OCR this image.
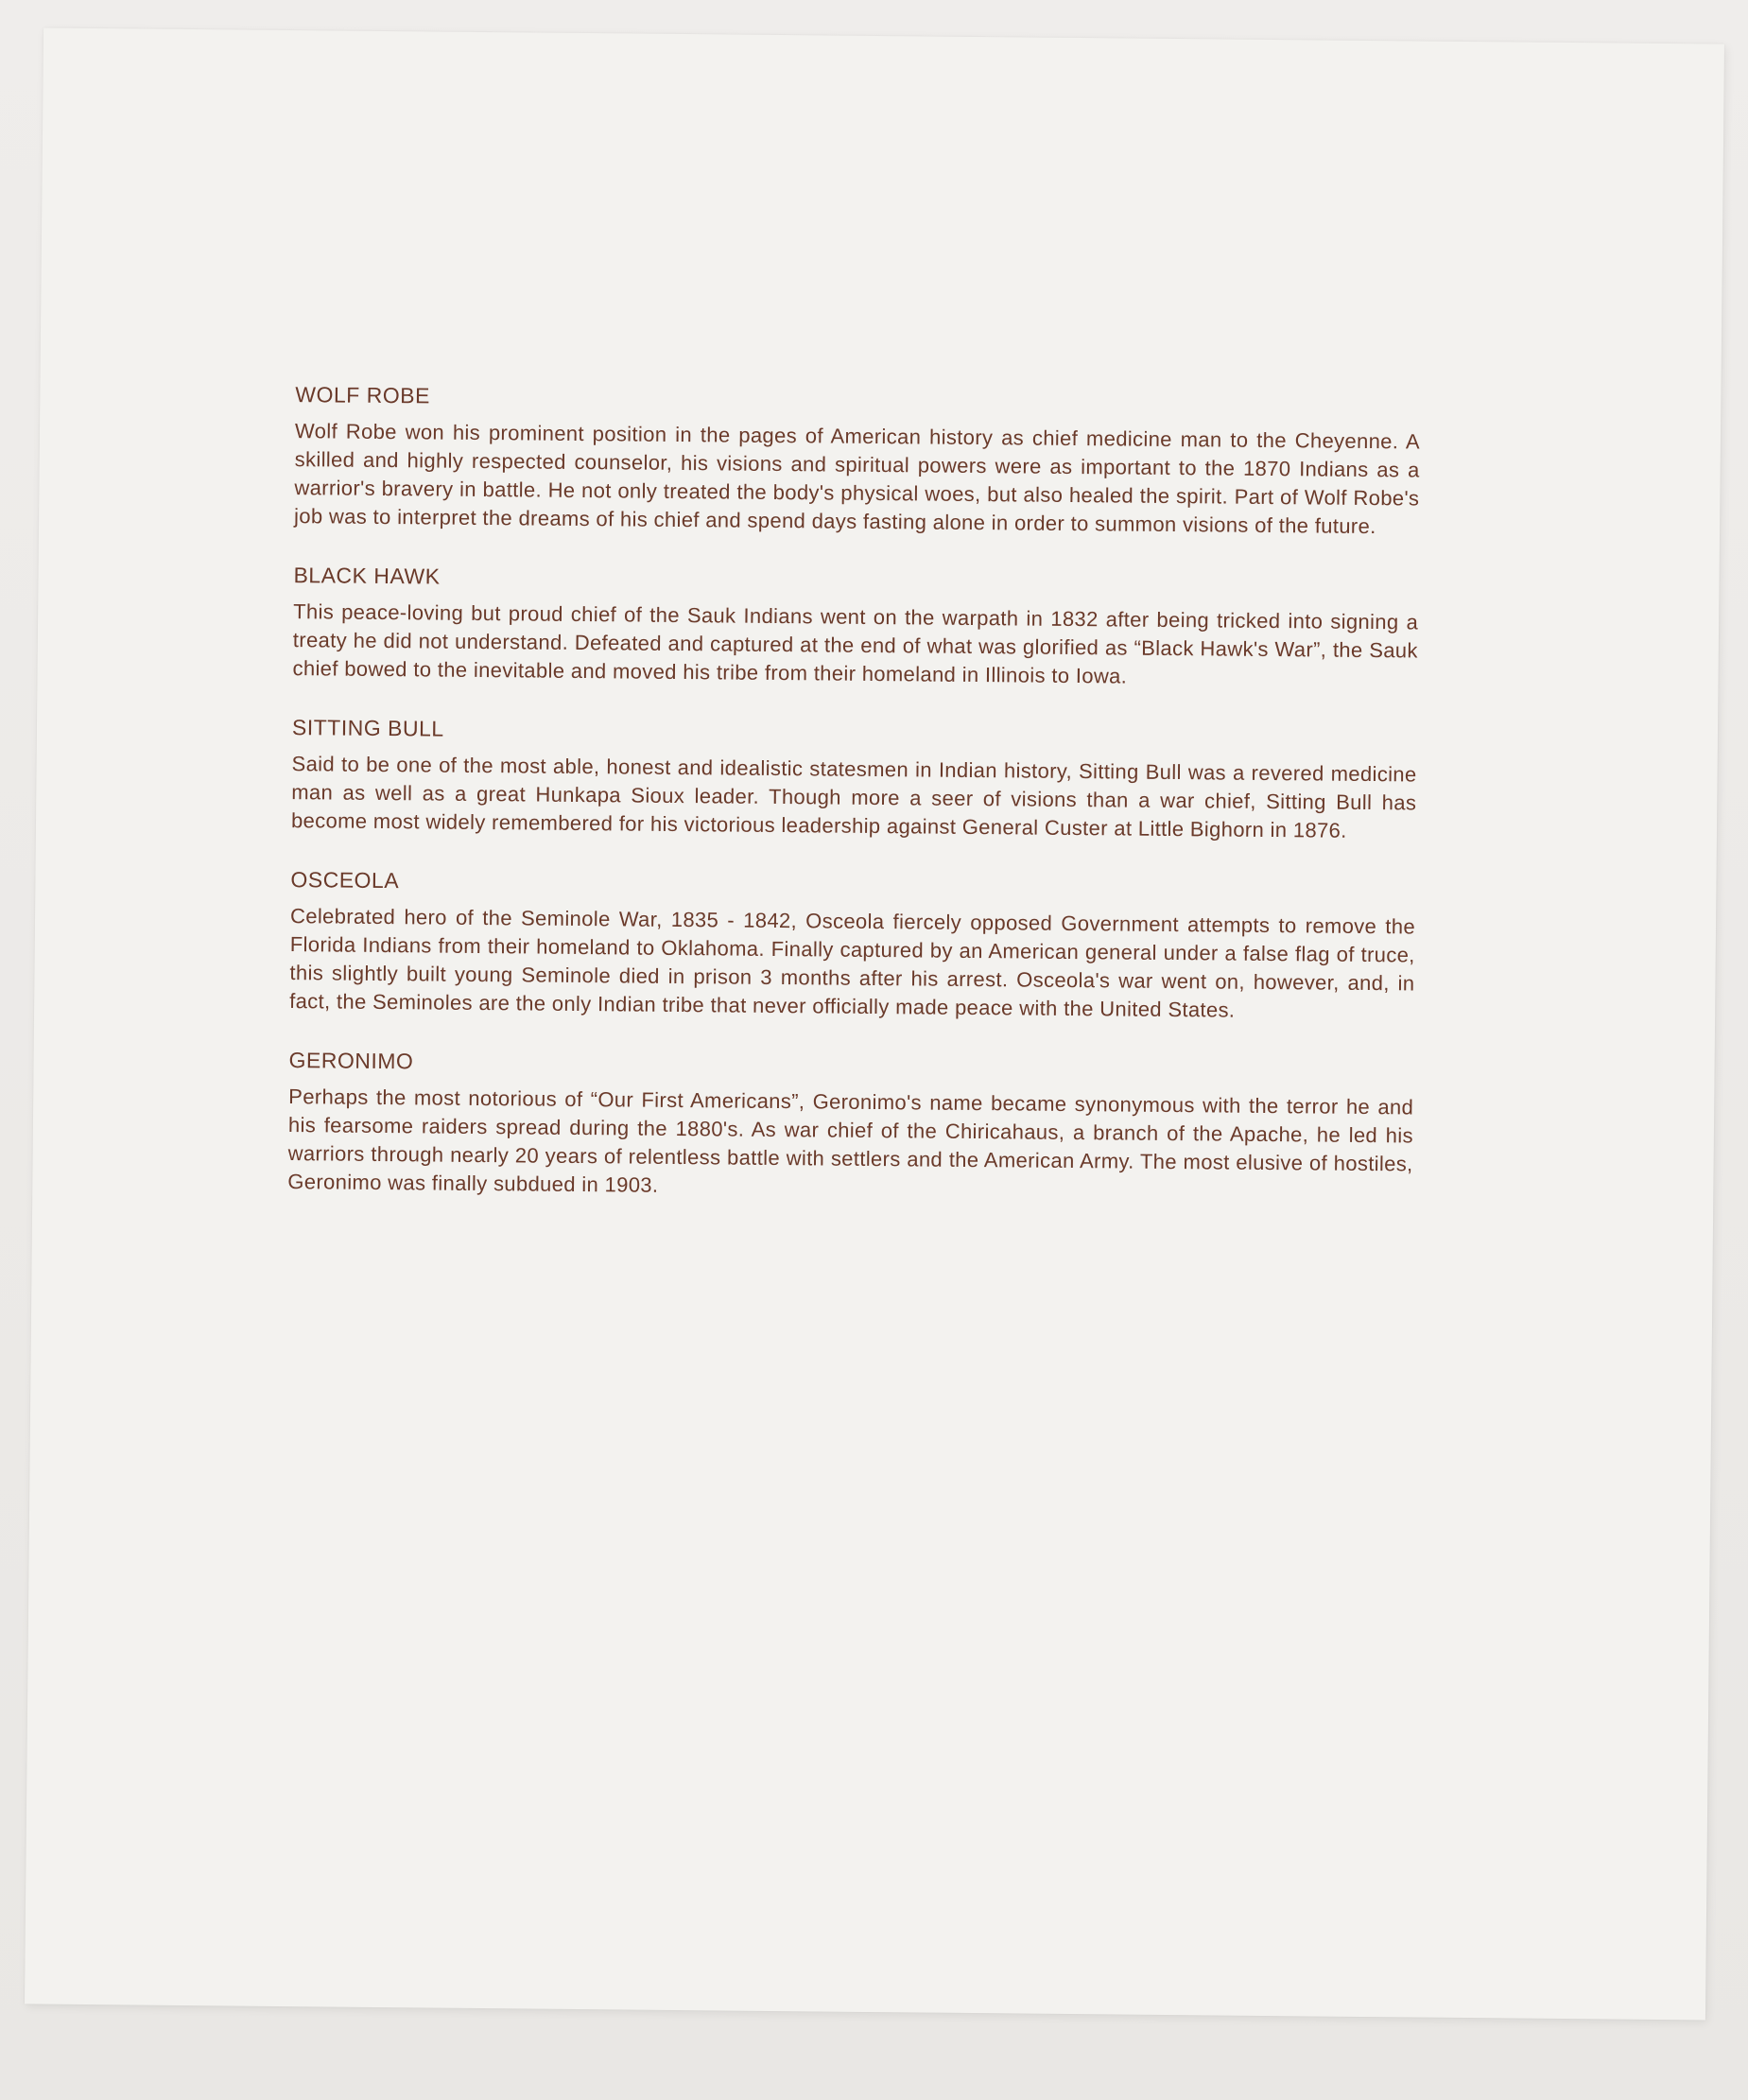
WOLF ROBE

Wolf Robe won his prominent position in the pages of American history as chief medicine man to the Cheyenne. A skilled and highly respected counselor, his visions and spiritual powers were as important to the 1870 Indians as a warrior's bravery in battle. He not only treated the body's physical woes, but also healed the spirit. Part of Wolf Robe's job was to interpret the dreams of his chief and spend days fasting alone in order to summon visions of the future.

BLACK HAWK

This peace-loving but proud chief of the Sauk Indians went on the warpath in 1832 after being tricked into signing a treaty he did not understand. Defeated and captured at the end of what was glorified as “Black Hawk's War”, the Sauk chief bowed to the inevitable and moved his tribe from their homeland in Illinois to Iowa.

SITTING BULL

Said to be one of the most able, honest and idealistic statesmen in Indian history, Sitting Bull was a revered medicine man as well as a great Hunkapa Sioux leader. Though more a seer of visions than a war chief, Sitting Bull has become most widely remembered for his victorious leadership against General Custer at Little Bighorn in 1876.

OSCEOLA

Celebrated hero of the Seminole War, 1835 - 1842, Osceola fiercely opposed Government attempts to remove the Florida Indians from their homeland to Oklahoma. Finally captured by an American general under a false flag of truce, this slightly built young Seminole died in prison 3 months after his arrest. Osceola's war went on, however, and, in fact, the Seminoles are the only Indian tribe that never officially made peace with the United States.

GERONIMO

Perhaps the most notorious of “Our First Americans”, Geronimo's name became synonymous with the terror he and his fearsome raiders spread during the 1880's. As war chief of the Chiricahaus, a branch of the Apache, he led his warriors through nearly 20 years of relentless battle with settlers and the American Army. The most elusive of hostiles, Geronimo was finally subdued in 1903.
